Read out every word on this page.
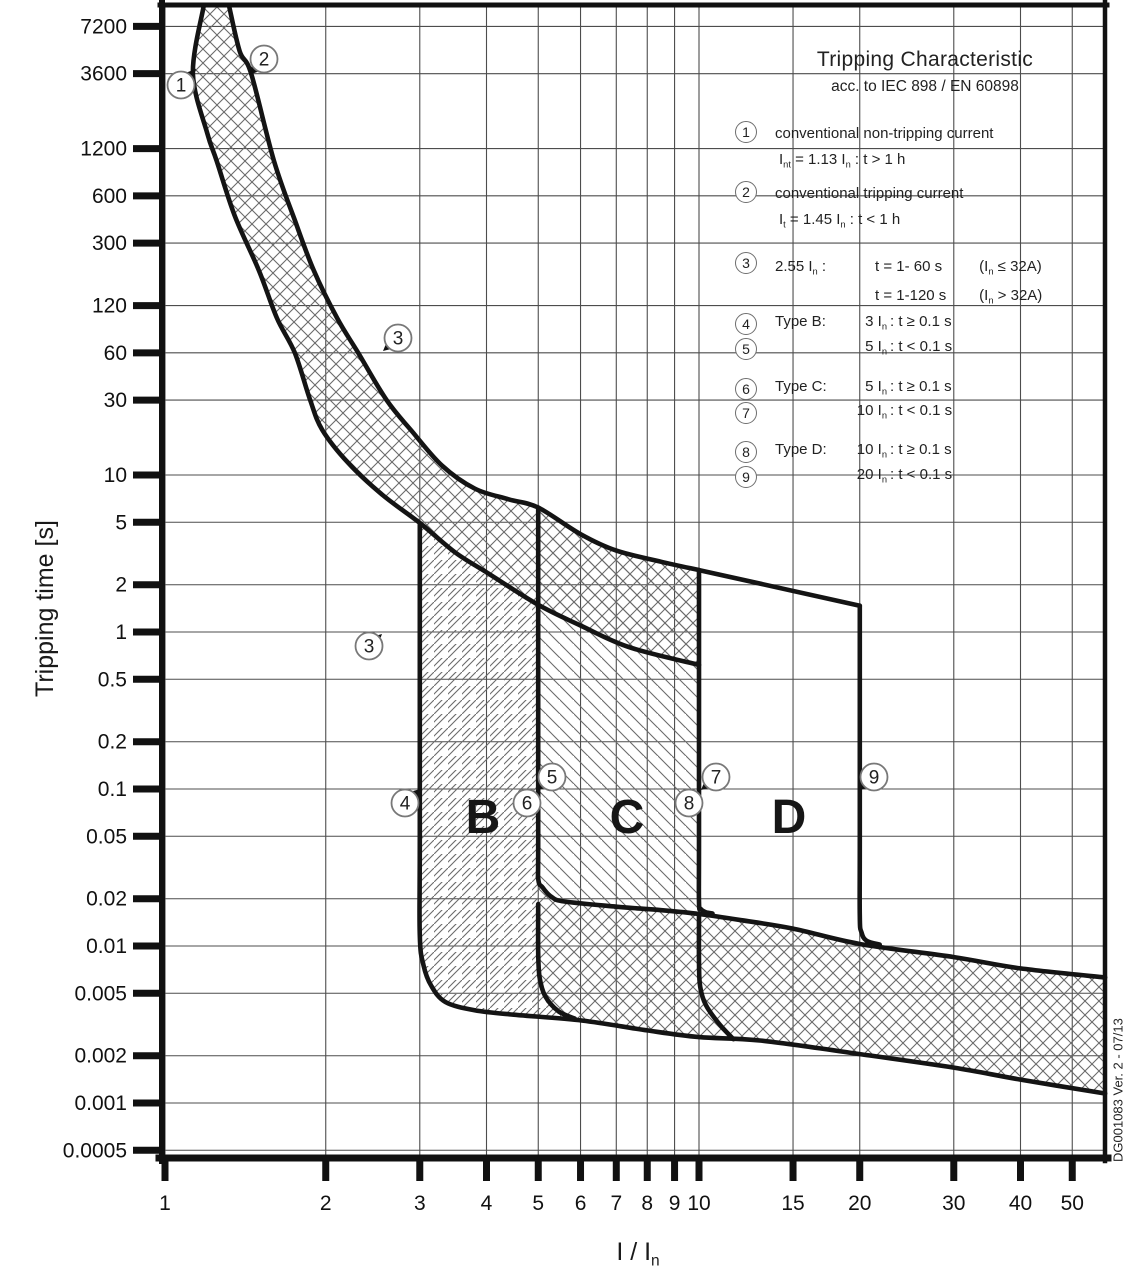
7200
3600
1200
600
300
120
60
30
10
5
2
1
0.5
0.2
0.1
0.05
0.02
0.01
0.005
0.002
0.001
0.0005
1	2	3	4 5 6 7 8 9 10	15 20	30 40 50
B C	D
1
2
3
3
4
5
6
7
8
9
Tripping time [s]
I / $I_n$
DG001083 Ver. 2 - 07/13
Tripping Characteristic
acc. to IEC 898 / EN 60898
1	conventional non-tripping current
$I_{nt} = 1.13$ $I_n$ : t > 1 h
2	conventional tripping current
$I_t = 1.45$ $I_n$ : t < 1 h
3	2.55 $I_n$ :	t = 1- 60 s $(I_n \le 32A)$
t = 1-120 s $(I_n > 32A)$
4	Type B:	3 $I_n$ : t ≥ 0.1 s
5	5 $I_n$ : t < 0.1 s
6	Type C:	5 $I_n$ : t ≥ 0.1 s
7	10 $I_n$ : t < 0.1 s
8	Type D: 10 $I_n$ : t ≥ 0.1 s
9	20 $I_n$ : t < 0.1 s
